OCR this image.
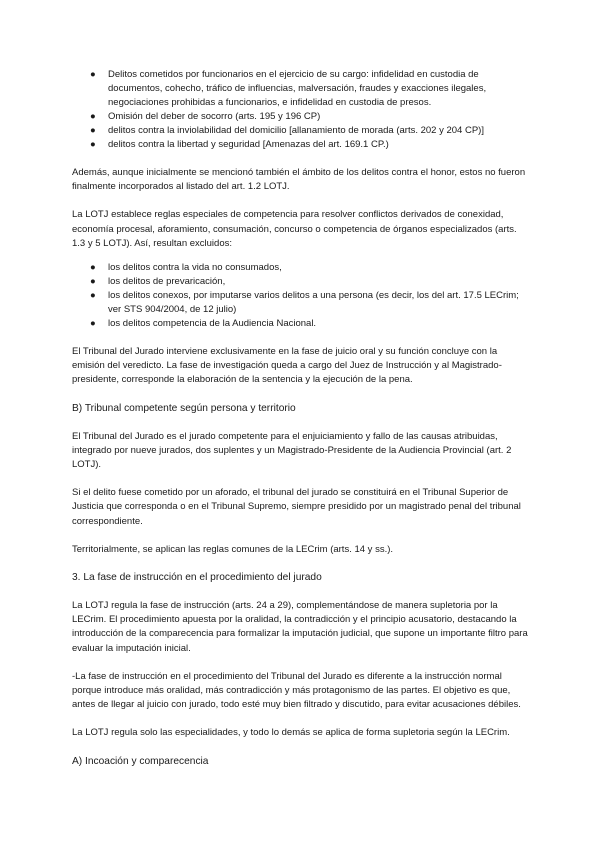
● Delitos cometidos por funcionarios en el ejercicio de su cargo: infidelidad en custodia de documentos, cohecho, tráfico de influencias, malversación, fraudes y exacciones ilegales, negociaciones prohibidas a funcionarios, e infidelidad en custodia de presos.
● Omisión del deber de socorro (arts. 195 y 196 CP)
● delitos contra la inviolabilidad del domicilio [allanamiento de morada (arts. 202 y 204 CP)]
● delitos contra la libertad y seguridad [Amenazas del art. 169.1 CP.)

Además, aunque inicialmente se mencionó también el ámbito de los delitos contra el honor, estos no fueron finalmente incorporados al listado del art. 1.2 LOTJ.

La LOTJ establece reglas especiales de competencia para resolver conflictos derivados de conexidad, economía procesal, aforamiento, consumación, concurso o competencia de órganos especializados (arts. 1.3 y 5 LOTJ). Así, resultan excluidos:

● los delitos contra la vida no consumados,
● los delitos de prevaricación,
● los delitos conexos, por imputarse varios delitos a una persona (es decir, los del art. 17.5 LECrim; ver STS 904/2004, de 12 julio)
● los delitos competencia de la Audiencia Nacional.

El Tribunal del Jurado interviene exclusivamente en la fase de juicio oral y su función concluye con la emisión del veredicto. La fase de investigación queda a cargo del Juez de Instrucción y al Magistrado-presidente, corresponde la elaboración de la sentencia y la ejecución de la pena.

B) Tribunal competente según persona y territorio

El Tribunal del Jurado es el jurado competente para el enjuiciamiento y fallo de las causas atribuidas, integrado por nueve jurados, dos suplentes y un Magistrado-Presidente de la Audiencia Provincial (art. 2 LOTJ).

Si el delito fuese cometido por un aforado, el tribunal del jurado se constituirá en el Tribunal Superior de Justicia que corresponda o en el Tribunal Supremo, siempre presidido por un magistrado penal del tribunal correspondiente.

Territorialmente, se aplican las reglas comunes de la LECrim (arts. 14 y ss.).

3. La fase de instrucción en el procedimiento del jurado

La LOTJ regula la fase de instrucción (arts. 24 a 29), complementándose de manera supletoria por la LECrim. El procedimiento apuesta por la oralidad, la contradicción y el principio acusatorio, destacando la introducción de la comparecencia para formalizar la imputación judicial, que supone un importante filtro para evaluar la imputación inicial.

-La fase de instrucción en el procedimiento del Tribunal del Jurado es diferente a la instrucción normal porque introduce más oralidad, más contradicción y más protagonismo de las partes. El objetivo es que, antes de llegar al juicio con jurado, todo esté muy bien filtrado y discutido, para evitar acusaciones débiles.

La LOTJ regula solo las especialidades, y todo lo demás se aplica de forma supletoria según la LECrim.

A) Incoación y comparecencia
